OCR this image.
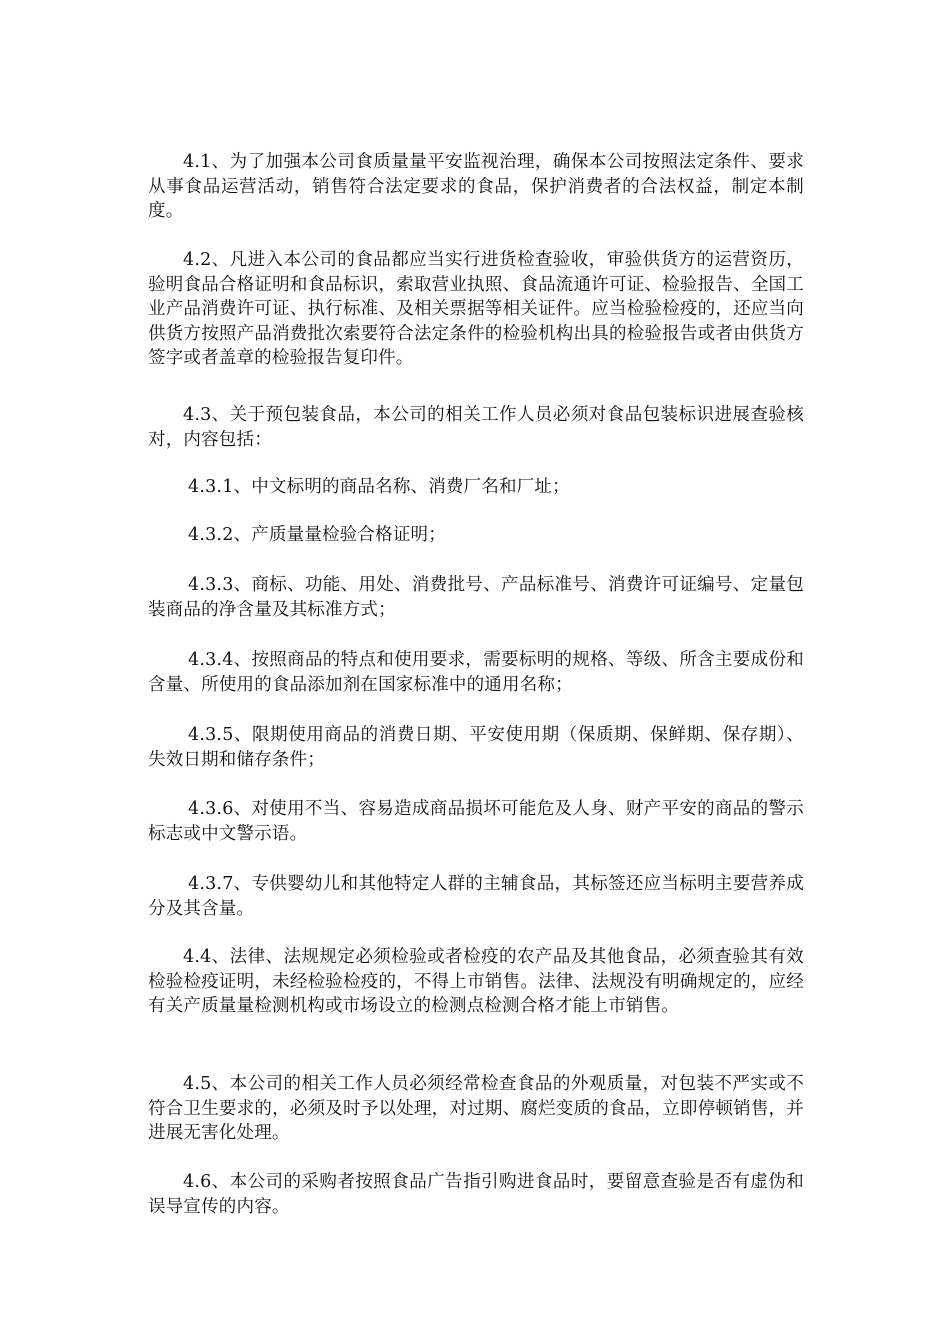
4.1、为了加强本公司食质量量平安监视治理，确保本公司按照法定条件、要求从事食品运营活动，销售符合法定要求的食品，保护消费者的合法权益，制定本制度。

4.2、凡进入本公司的食品都应当实行进货检查验收，审验供货方的运营资历，验明食品合格证明和食品标识，索取营业执照、食品流通许可证、检验报告、全国工业产品消费许可证、执行标准、及相关票据等相关证件。应当检验检疫的，还应当向供货方按照产品消费批次索要符合法定条件的检验机构出具的检验报告或者由供货方签字或者盖章的检验报告复印件。

4.3、关于预包装食品，本公司的相关工作人员必须对食品包装标识进展查验核对，内容包括：

4.3.1、中文标明的商品名称、消费厂名和厂址；

4.3.2、产质量量检验合格证明；

4.3.3、商标、功能、用处、消费批号、产品标准号、消费许可证编号、定量包装商品的净含量及其标准方式；

4.3.4、按照商品的特点和使用要求，需要标明的规格、等级、所含主要成份和含量、所使用的食品添加剂在国家标准中的通用名称；

4.3.5、限期使用商品的消费日期、平安使用期（保质期、保鲜期、保存期）、失效日期和储存条件；

4.3.6、对使用不当、容易造成商品损坏可能危及人身、财产平安的商品的警示标志或中文警示语。

4.3.7、专供婴幼儿和其他特定人群的主辅食品，其标签还应当标明主要营养成分及其含量。

4.4、法律、法规规定必须检验或者检疫的农产品及其他食品，必须查验其有效检验检疫证明，未经检验检疫的，不得上市销售。法律、法规没有明确规定的，应经有关产质量量检测机构或市场设立的检测点检测合格才能上市销售。

4.5、本公司的相关工作人员必须经常检查食品的外观质量，对包装不严实或不符合卫生要求的，必须及时予以处理，对过期、腐烂变质的食品，立即停顿销售，并进展无害化处理。

4.6、本公司的采购者按照食品广告指引购进食品时，要留意查验是否有虚伪和误导宣传的内容。
